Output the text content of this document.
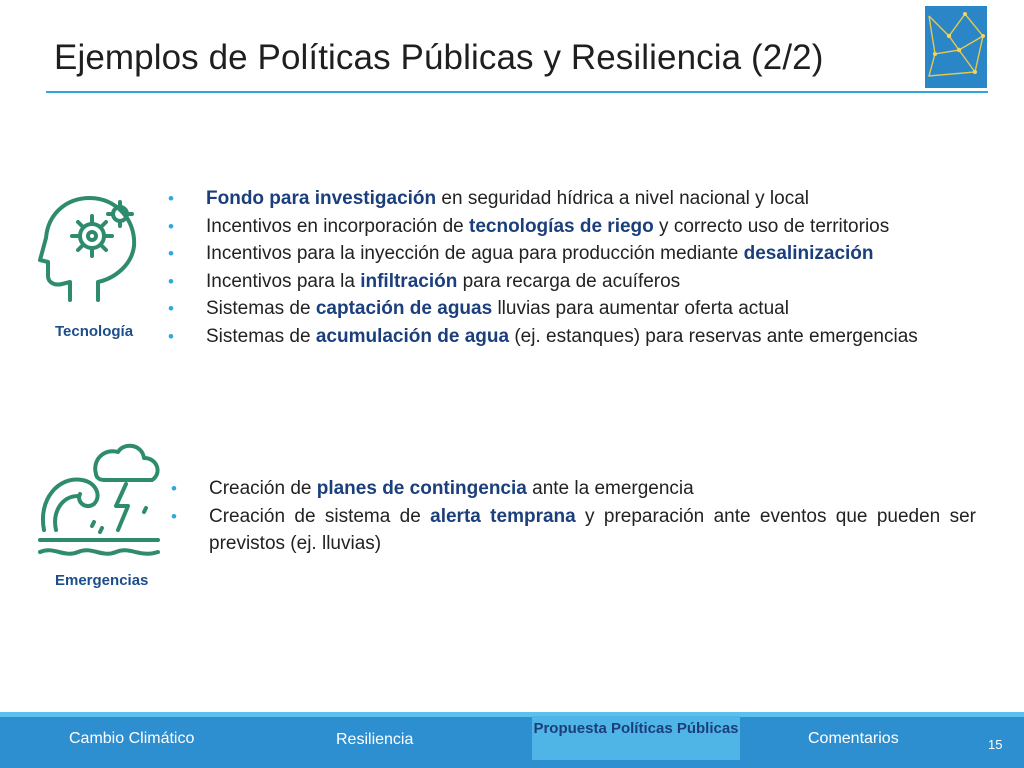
Ejemplos de Políticas Públicas y Resiliencia (2/2)
Tecnología
• Fondo para investigación en seguridad hídrica a nivel nacional y local
• Incentivos en incorporación de tecnologías de riego y correcto uso de territorios
• Incentivos para la inyección de agua para producción mediante desalinización
• Incentivos para la infiltración para recarga de acuíferos
• Sistemas de captación de aguas lluvias para aumentar oferta actual
• Sistemas de acumulación de agua (ej. estanques) para reservas ante emergencias
Emergencias
• Creación de planes de contingencia ante la emergencia
• Creación de sistema de alerta temprana y preparación ante eventos que pueden ser previstos (ej. lluvias)
Cambio Climático	Resiliencia
Propuesta Políticas Públicas
Comentarios	15
